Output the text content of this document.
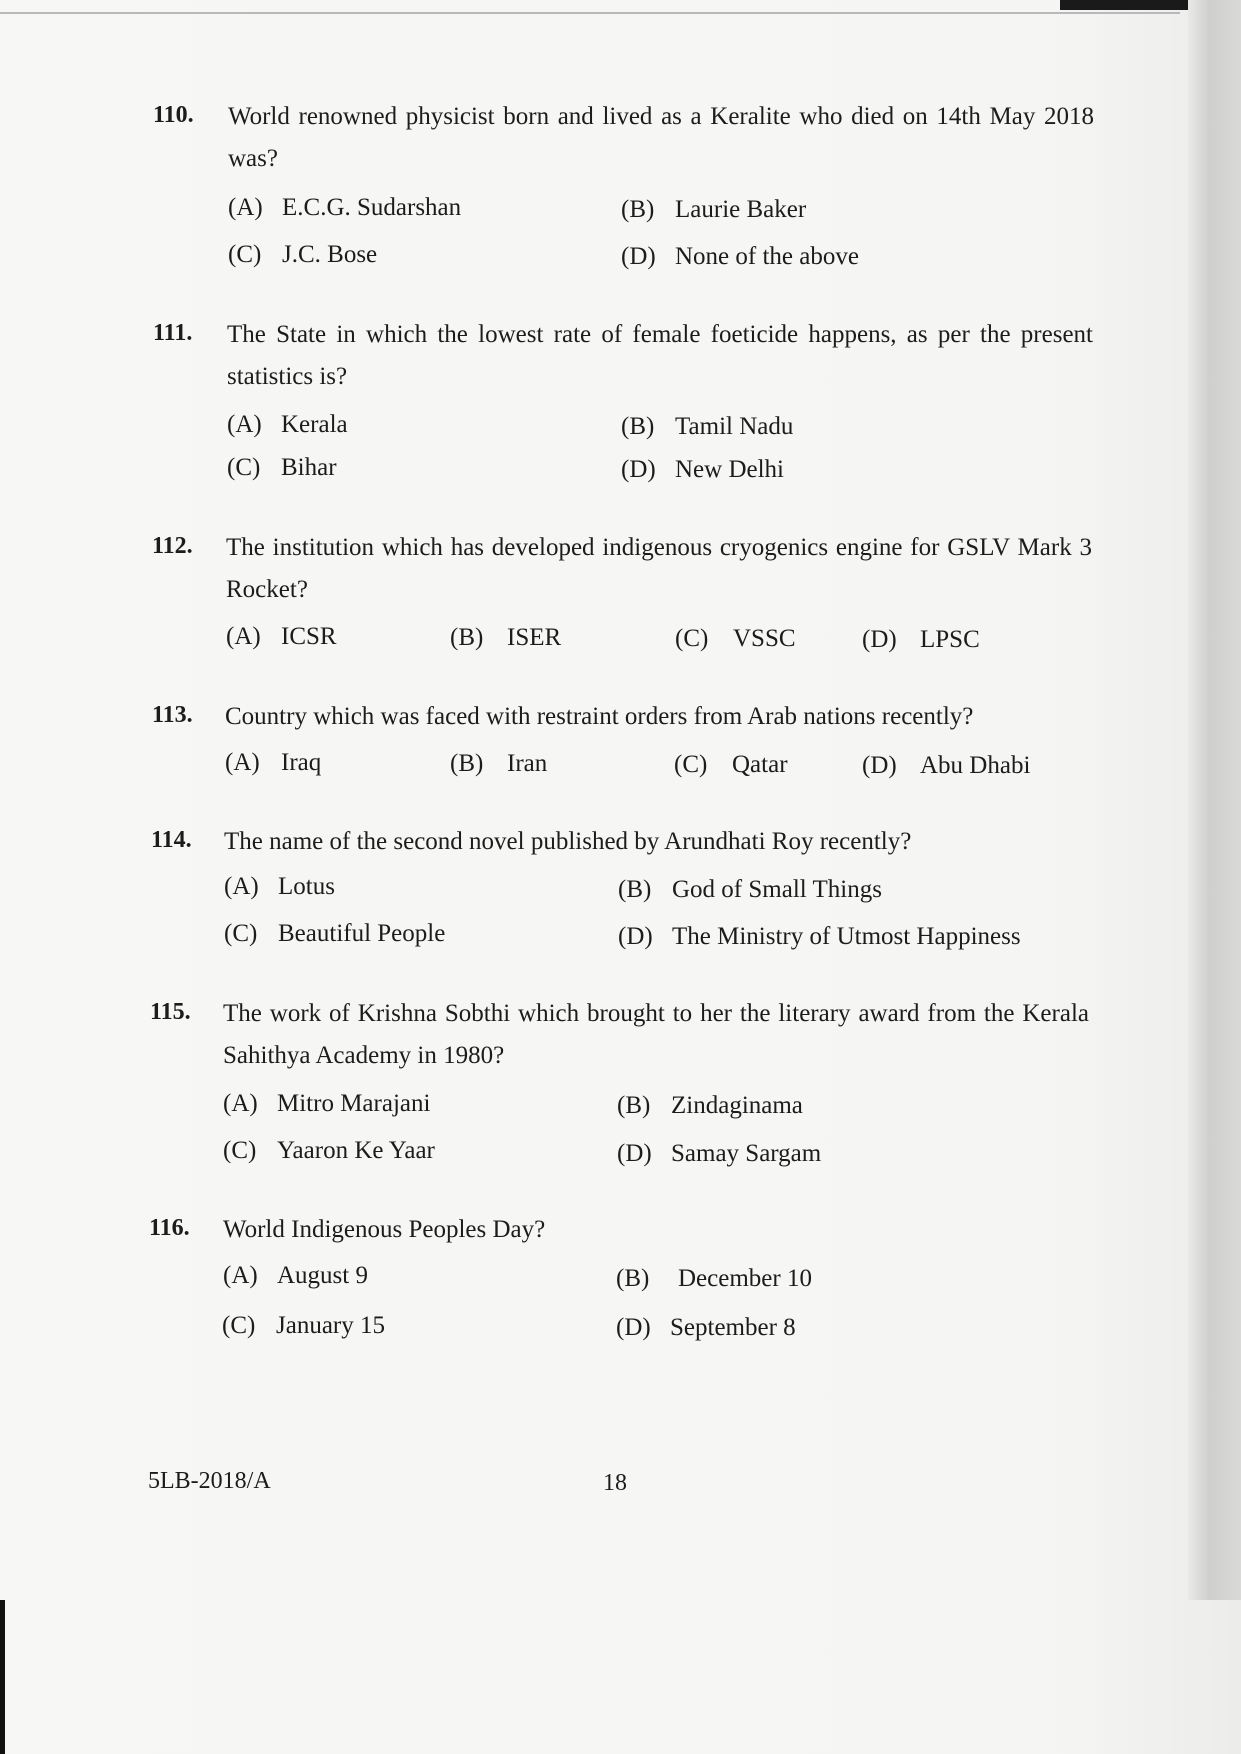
110. World renowned physicist born and lived as a Keralite who died on 14th May 2018 was?
(A) E.C.G. Sudarshan	(B) Laurie Baker
(C) J.C. Bose	(D) None of the above
111. The State in which the lowest rate of female foeticide happens, as per the present statistics is?
(A) Kerala	(B) Tamil Nadu
(C) Bihar	(D) New Delhi
112. The institution which has developed indigenous cryogenics engine for GSLV Mark 3 Rocket?
(A) ICSR	(B) ISER	(C) VSSC	(D) LPSC
113. Country which was faced with restraint orders from Arab nations recently?
(A) Iraq	(B) Iran	(C) Qatar	(D) Abu Dhabi
114. The name of the second novel published by Arundhati Roy recently?
(A) Lotus	(B) God of Small Things
(C) Beautiful People	(D) The Ministry of Utmost Happiness
115. The work of Krishna Sobthi which brought to her the literary award from the Kerala Sahithya Academy in 1980?
(A) Mitro Marajani	(B) Zindaginama
(C) Yaaron Ke Yaar	(D) Samay Sargam
116. World Indigenous Peoples Day?
(A) August 9	(B) December 10
(C) January 15	(D) September 8
5LB-2018/A	18
